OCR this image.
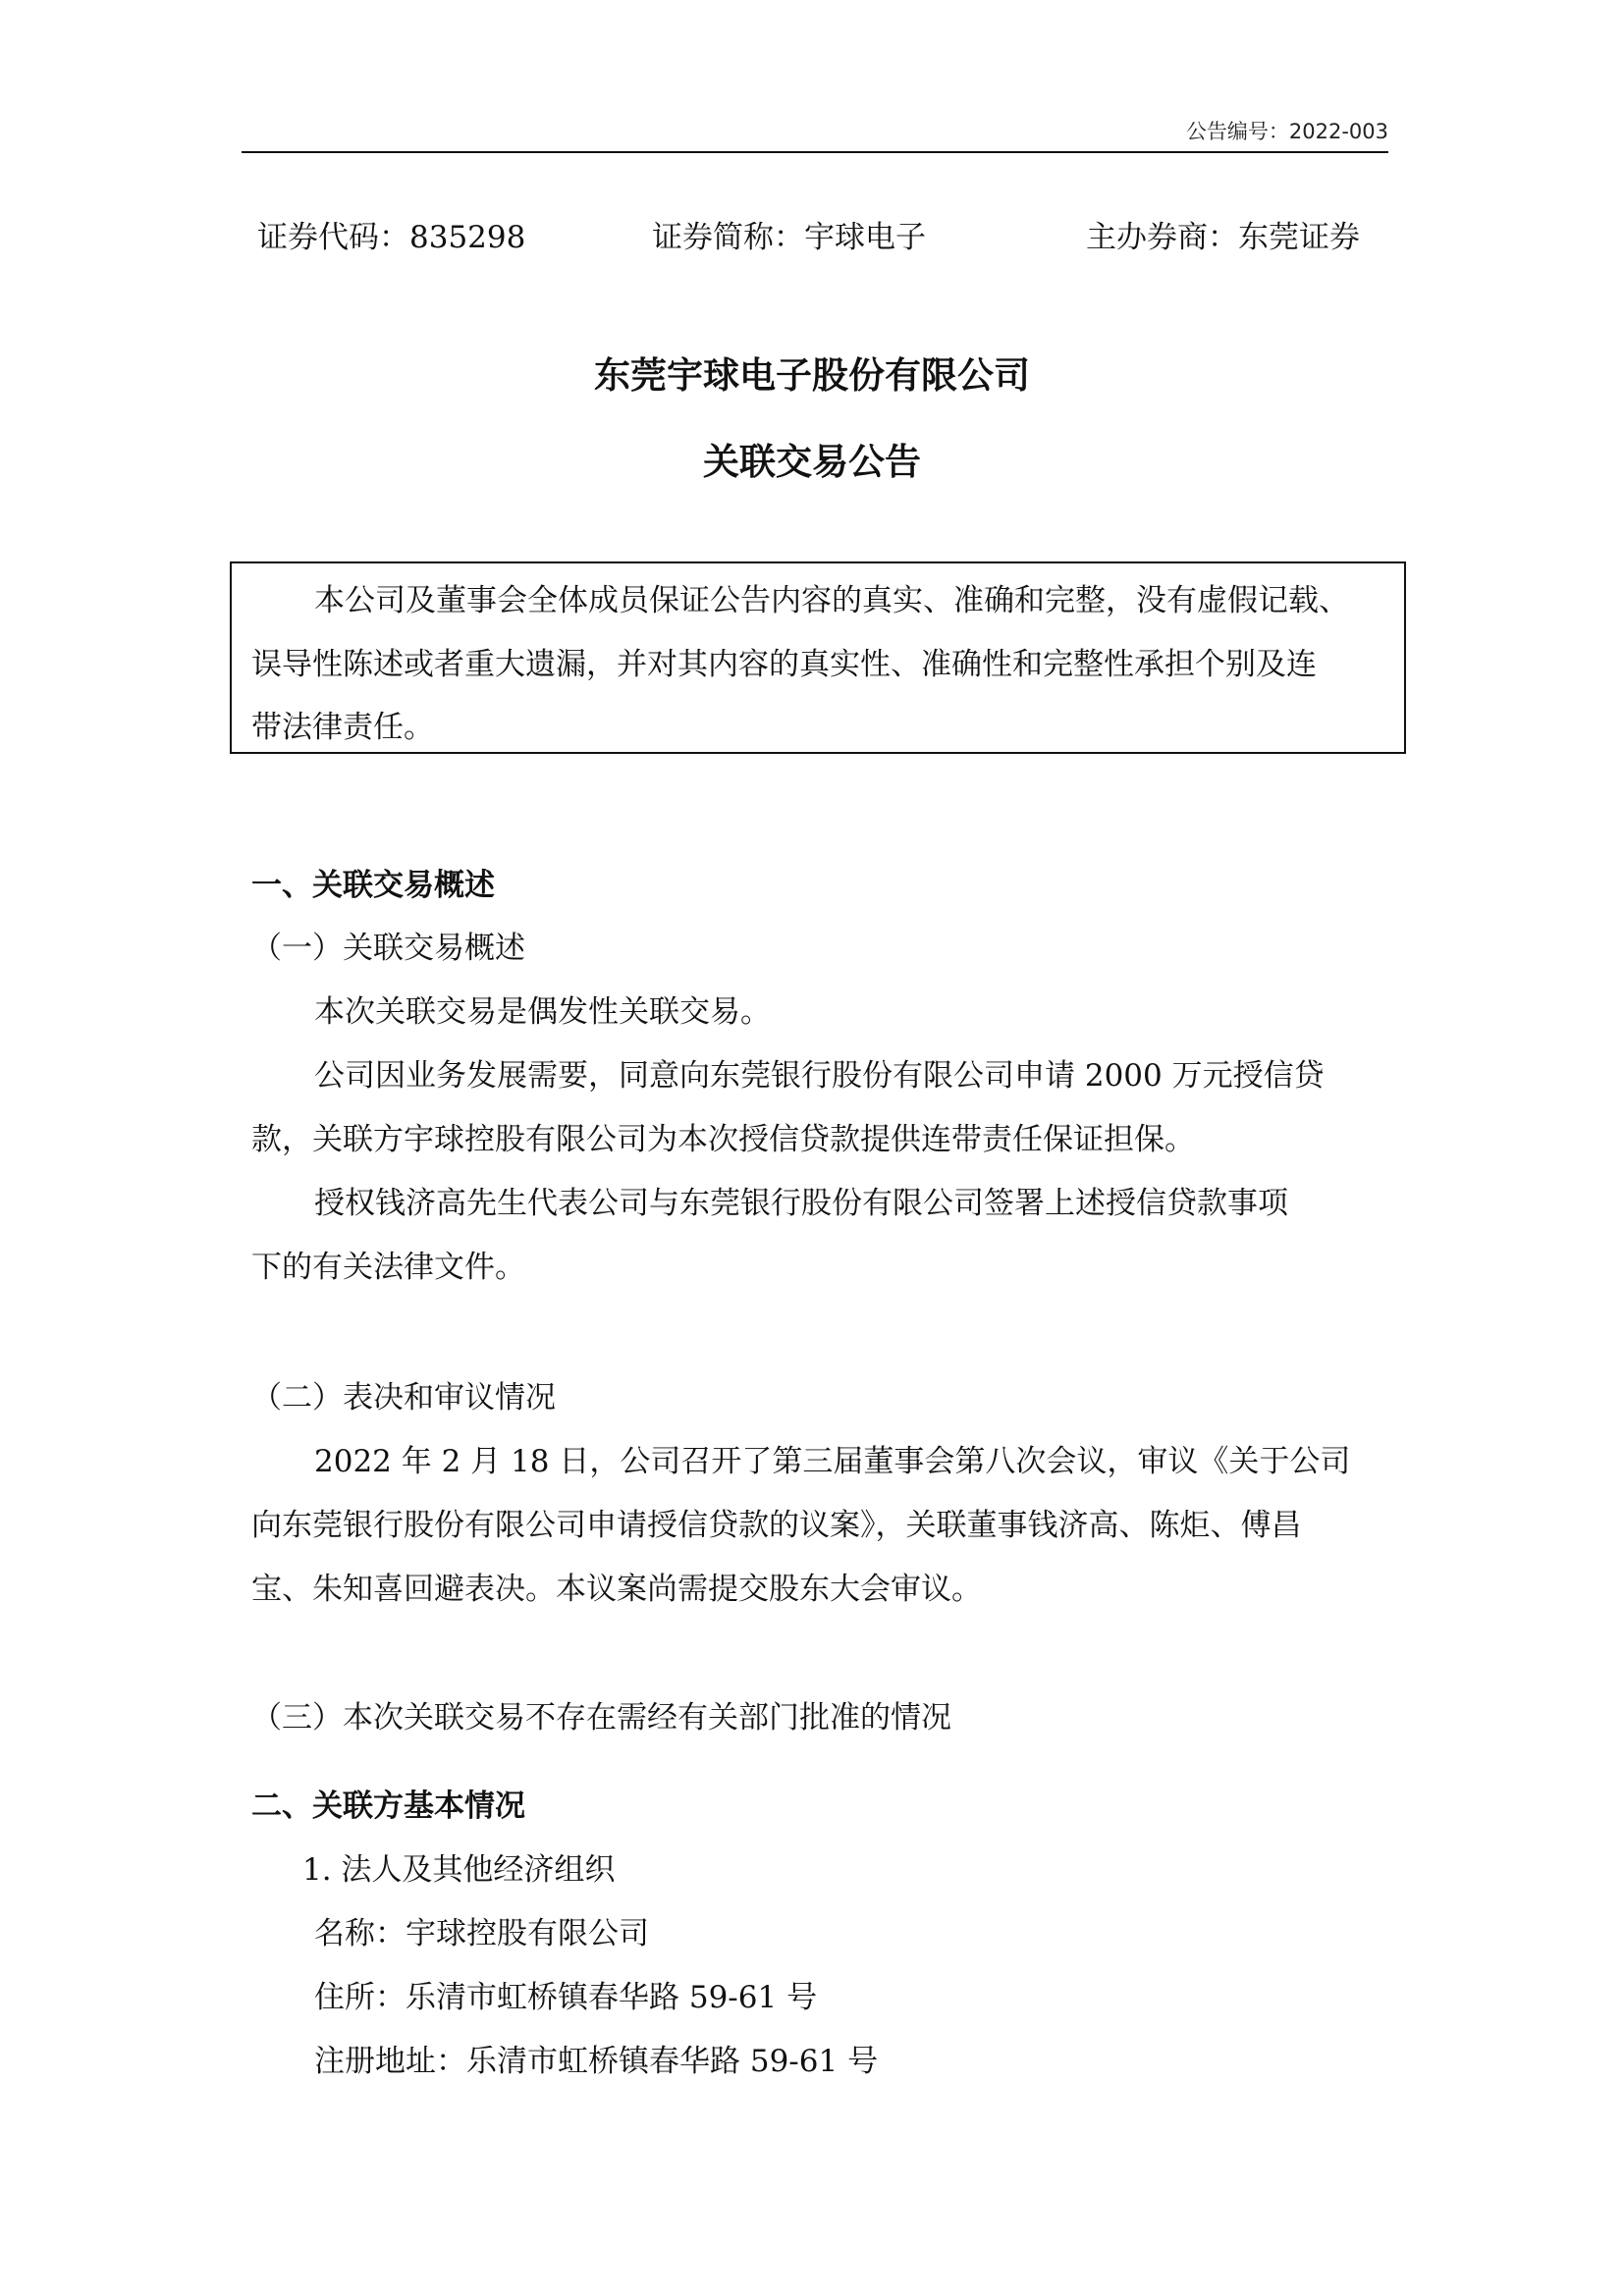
公告编号：2022-003
证券代码：835298	证券简称：宇球电子	主办券商：东莞证券
东莞宇球电子股份有限公司
关联交易公告
本公司及董事会全体成员保证公告内容的真实、准确和完整，没有虚假记载、
误导性陈述或者重大遗漏，并对其内容的真实性、准确性和完整性承担个别及连
带法律责任。
一、关联交易概述
（一）关联交易概述
本次关联交易是偶发性关联交易。
公司因业务发展需要，同意向东莞银行股份有限公司申请 2000 万元授信贷
款，关联方宇球控股有限公司为本次授信贷款提供连带责任保证担保。
授权钱济高先生代表公司与东莞银行股份有限公司签署上述授信贷款事项
下的有关法律文件。
（二）表决和审议情况
2022 年 2 月 18 日，公司召开了第三届董事会第八次会议，审议《关于公司
向东莞银行股份有限公司申请授信贷款的议案》，关联董事钱济高、陈炬、傅昌
宝、朱知喜回避表决。本议案尚需提交股东大会审议。
（三）本次关联交易不存在需经有关部门批准的情况
二、关联方基本情况
1. 法人及其他经济组织
名称：宇球控股有限公司
住所：乐清市虹桥镇春华路 59-61 号
注册地址：乐清市虹桥镇春华路 59-61 号
